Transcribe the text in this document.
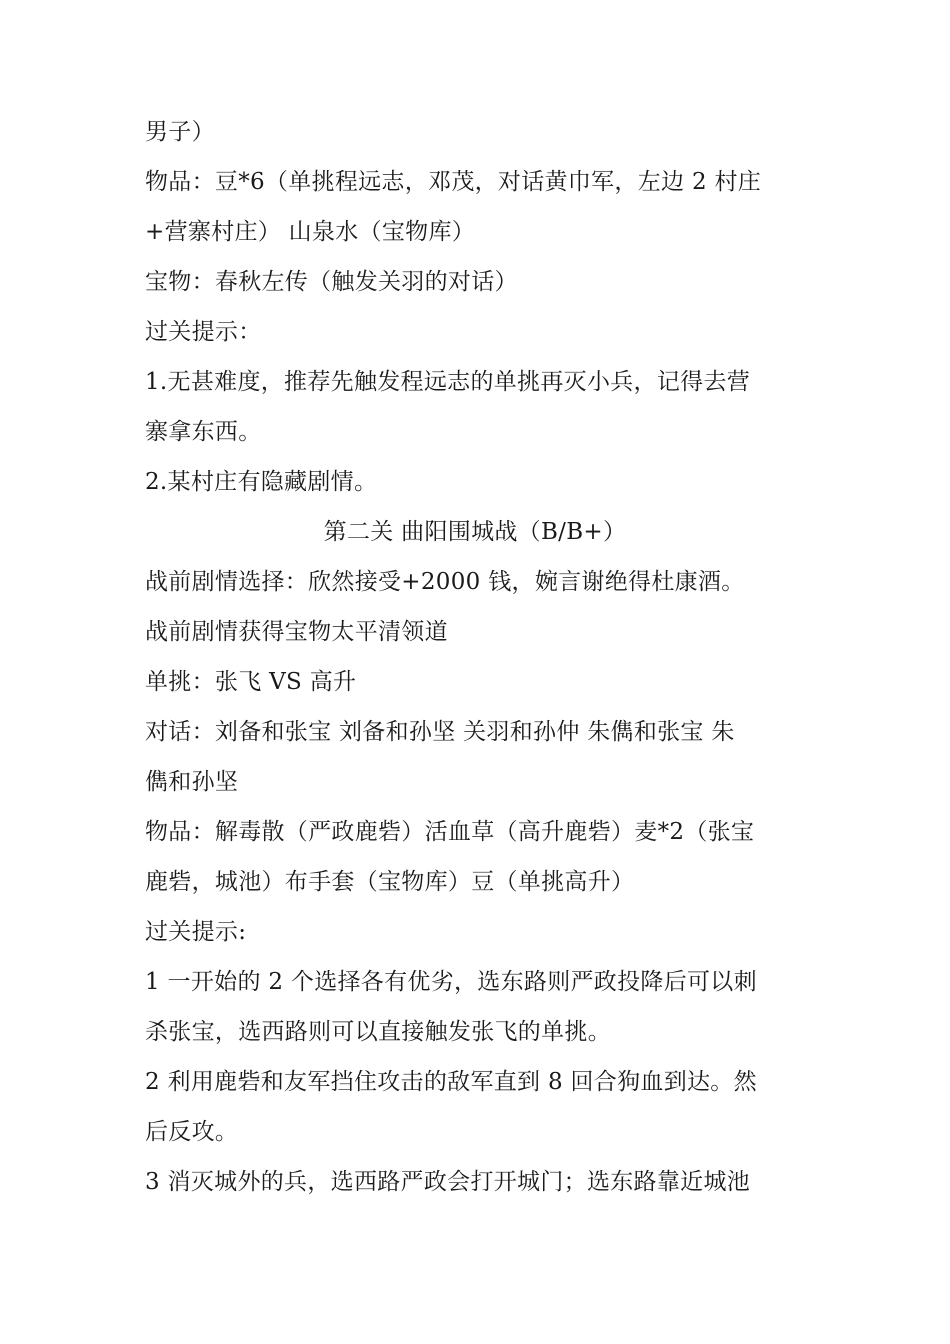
男子）
物品：豆*6（单挑程远志，邓茂，对话黄巾军，左边 2 村庄
+营寨村庄） 山泉水（宝物库）
宝物：春秋左传（触发关羽的对话）
过关提示：
1.无甚难度，推荐先触发程远志的单挑再灭小兵，记得去营
寨拿东西。
2.某村庄有隐藏剧情。
第二关 曲阳围城战（B/B+）
战前剧情选择：欣然接受+2000 钱，婉言谢绝得杜康酒。
战前剧情获得宝物太平清领道
单挑：张飞 VS 高升
对话：刘备和张宝 刘备和孙坚 关羽和孙仲 朱儁和张宝 朱
儁和孙坚
物品：解毒散（严政鹿砦）活血草（高升鹿砦）麦*2（张宝
鹿砦，城池）布手套（宝物库）豆（单挑高升）
过关提示:
1 一开始的 2 个选择各有优劣，选东路则严政投降后可以刺
杀张宝，选西路则可以直接触发张飞的单挑。
2 利用鹿砦和友军挡住攻击的敌军直到 8 回合狗血到达。然
后反攻。
3 消灭城外的兵，选西路严政会打开城门；选东路靠近城池
